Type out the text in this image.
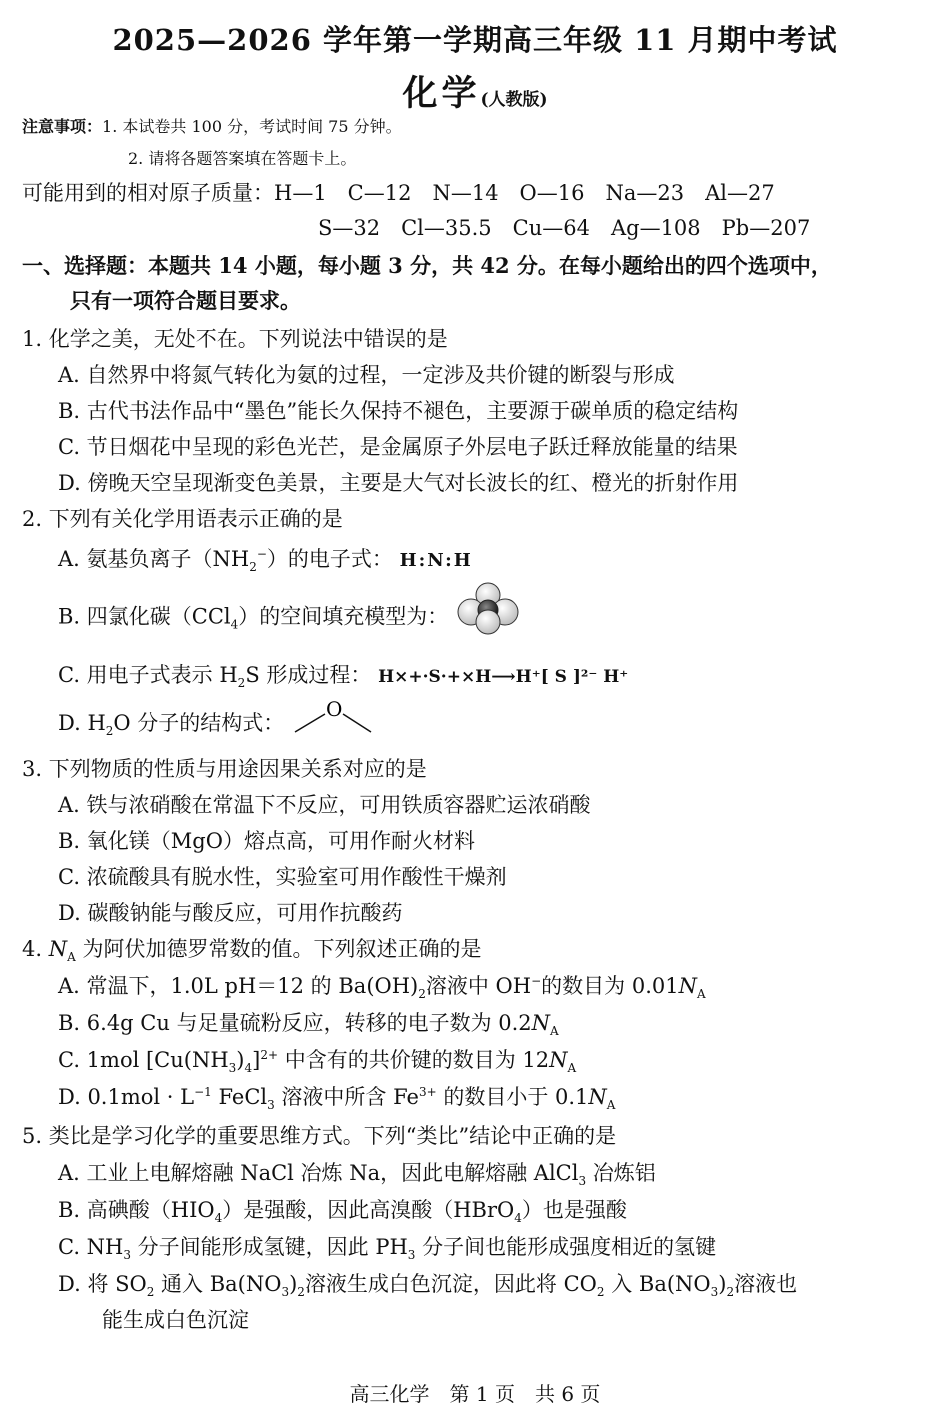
2025—2026 学年第一学期高三年级 11 月期中考试
化学(人教版)
注意事项：1. 本试卷共 100 分，考试时间 75 分钟。
2. 请将各题答案填在答题卡上。
可能用到的相对原子质量：H—1　C—12　N—14　O—16　Na—23　Al—27
S—32　Cl—35.5　Cu—64　Ag—108　Pb—207
一、选择题：本题共 14 小题，每小题 3 分，共 42 分。在每小题给出的四个选项中，
只有一项符合题目要求。
1. 化学之美，无处不在。下列说法中错误的是
A. 自然界中将氮气转化为氨的过程，一定涉及共价键的断裂与形成
B. 古代书法作品中“墨色”能长久保持不褪色，主要源于碳单质的稳定结构
C. 节日烟花中呈现的彩色光芒，是金属原子外层电子跃迁释放能量的结果
D. 傍晚天空呈现渐变色美景，主要是大气对长波长的红、橙光的折射作用
2. 下列有关化学用语表示正确的是
A. 氨基负离子$(NH_2^-)$的电子式： H:N:H
B. 四氯化碳（CCl$_4$）的空间填充模型为：
C. 用电子式表示 $H_2S$ 形成过程： H×+·S·+×H⟶H⁺[ S ]²⁻ H⁺
D. $H_2O$ 分子的结构式：
O
3. 下列物质的性质与用途因果关系对应的是
A. 铁与浓硝酸在常温下不反应，可用铁质容器贮运浓硝酸
B. 氧化镁（MgO）熔点高，可用作耐火材料
C. 浓硫酸具有脱水性，实验室可用作酸性干燥剂
D. 碳酸钠能与酸反应，可用作抗酸药
4. $N_A$ 为阿伏加德罗常数的值。下列叙述正确的是
A. 常温下，1.0L pH＝12 的 $Ba(OH)_2$溶液中 OH−的数目为 $0.01N_A$
B. 6.4g Cu 与足量硫粉反应，转移的电子数为 $0.2N_A$
C. 1mol $[Cu(NH_3)_4]^{2+}$ 中含有的共价键的数目为 $12N_A$
D. $0.1mol \cdot L^{-1}$ FeCl$_3$ 溶液中所含 $Fe^{3+}$ 的数目小于 $0.1N_A$
5. 类比是学习化学的重要思维方式。下列“类比”结论中正确的是
A. 工业上电解熔融 NaCl 冶炼 Na，因此电解熔融 AlCl$_3$ 冶炼铝
B. 高碘酸$(HIO_4)$是强酸，因此高溴酸（HBrO$_4$）也是强酸
C. $NH_3$ 分子间能形成氢键，因此 $PH_3$ 分子间也能形成强度相近的氢键
D. 将 $SO_2$ 通入 $Ba(NO_3)_2$溶液生成白色沉淀，因此将 $CO_2$ 入 $Ba(NO_3)_2$溶液也
能生成白色沉淀
高三化学　第 1 页　共 6 页
